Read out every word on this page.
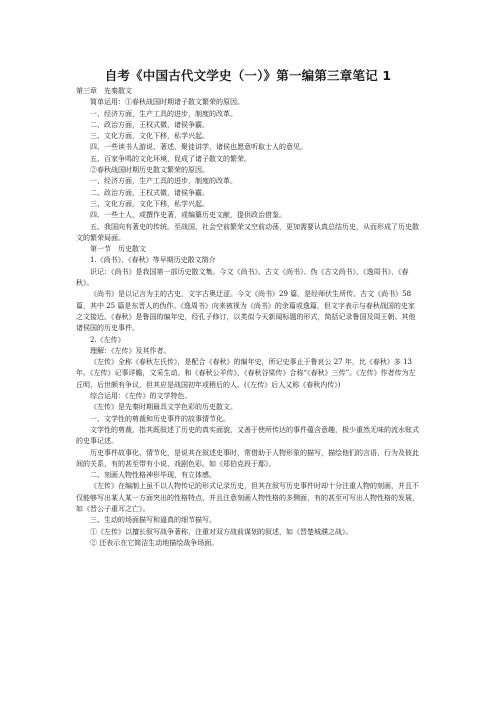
自考《中国古代文学史（一）》第一编第三章笔记 1

第三章　先秦散文

简单运用：①春秋战国时期诸子散文繁荣的原因。

一、经济方面，生产工具的进步，制度的改革。

二、政治方面，王权式微，诸侯争霸。

三、文化方面，文化下移，私学兴起。

四、一些读书人游说、著述、聚徒讲学，诸侯也愿意听取士人的意见。

五、百家争鸣的文化环境，促成了诸子散文的繁荣。

②春秋战国时期历史散文繁荣的原因。

一、经济方面，生产工具的进步，制度的改革。

二、政治方面，王权式微，诸侯争霸。

三、文化方面，文化下移，私学兴起。

四、一些士人，或撰作史著，或编纂历史文献，提供政治借鉴。

五、我国向有著史的传统。至战国，社会空前繁荣又空前动荡，更加需要认真总结历史，从而形成了历史散文的繁荣局面。

第一节　历史散文

1.《尚书》、《春秋》等早期历史散文简介

识记：《尚书》是我国第一部历史散文集。今文《尚书》、古文《尚书》、伪《古文尚书》、《逸周书》、《春秋》。

《尚书》是以记言为主的古史，文字古奥迂涩。今文《尚书》29 篇，是经师伏生所传。古文《尚书》58 篇，其中 25 篇是东晋人的伪作。《逸周书》向来被视为《尚书》的余篇或逸篇，但文字表示与春秋战国的史家之文接近。《春秋》是鲁国的编年史，经孔子修订，以类似今天新闻标题的形式，简括记录鲁国及周王朝、其他诸侯国的历史事件。

2.《左传》

理解：《左传》及其作者。

《左传》全称《春秋左氏传》，是配合《春秋》的编年史，所记史事止于鲁哀公 27 年，比《春秋》多 13 年。《左传》记事详瞻，文采生动。和《春秋公羊传》、《春秋谷梁传》合称“《春秋》三传”。《左传》作者传为左丘明，后世颇有争议，但其应是战国初年或稍后的人。(《左传》后人又称《春秋内传》)

综合运用：《左传》的文学特色。

《左传》是先秦时期最具文学色彩的历史散文。

一、文学性的剪裁和历史事件的故事情节化。

文学性的剪裁，指其既叙述了历史的真实面貌，又善于使所传达的事件蕴含意趣，极少重然无味的流水账式的史事记述。

历史事件故事化、情节化，是说其在叙述史事时，常借助于人物形象的描写，描绘他们的言语、行为及彼此间的关系，有的甚至带有小说、戏剧色彩。如《郑伯克段于鄢》。

二、刻画人物性格神形毕现，有立体感。

《左传》在编制上虽不以人物传记的形式记录历史，但其在叙写历史事件时却十分注重人物的刻画，并且不仅能够写出某人某一方面突出的性格特点，并且注意刻画人物性格的多侧面，有的甚至可写出人物性格的发展，如《晋公子重耳之亡》。

三、生动的场面描写和逼真的细节描写。

①《左传》以擅长叙写战争著称，注重对双方战前谋划的叙述，如《晋楚城濮之战》。

② 还表示在它简洁生动地描绘战争场面。
